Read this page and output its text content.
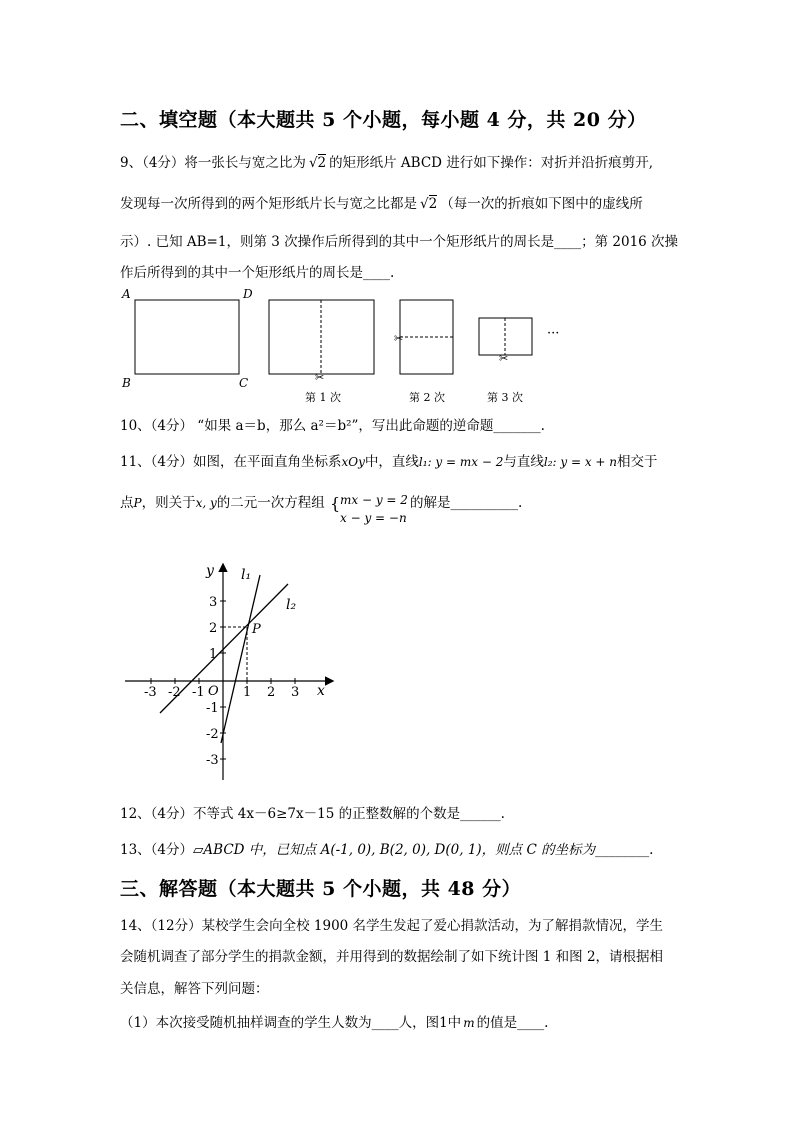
二、填空题（本大题共 5 个小题，每小题 4 分，共 20 分）
9、（4分）将一张长与宽之比为 √2 的矩形纸片 ABCD 进行如下操作：对折并沿折痕剪开,
发现每一次所得到的两个矩形纸片长与宽之比都是 √2 （每一次的折痕如下图中的虚线所
示）. 已知 AB=1，则第 3 次操作后所得到的其中一个矩形纸片的周长是____；第 2016 次操
作后所得到的其中一个矩形纸片的周长是____.
A	D
B	C	✂
✂
✂
···
第 1 次	第 2 次	第 3 次
10、（4分） “如果 a＝b，那么 a²＝b²”，写出此命题的逆命题_______.
11、（4分）如图，在平面直角坐标系xOy中，直线l₁: y = mx − 2与直线l₂: y = x + n相交于
点P，则关于x, y的二元一次方程组 { mx − y = 2
x − y = −n
的解是__________.
y
x
O
l₁
l₂
P
-3 -2 -1	1 2 3
3
2
1
-1
-2
-3
12、（4分）不等式 4x－6≥7x－15 的正整数解的个数是______.
13、（4分）▱ABCD 中，已知点 A(-1, 0), B(2, 0), D(0, 1)，则点 C 的坐标为________.
三、解答题（本大题共 5 个小题，共 48 分）
14、（12分）某校学生会向全校 1900 名学生发起了爱心捐款活动，为了解捐款情况，学生
会随机调查了部分学生的捐款金额，并用得到的数据绘制了如下统计图 1 和图 2，请根据相
关信息，解答下列问题：
（1）本次接受随机抽样调查的学生人数为____人，图1中 m 的值是____.
